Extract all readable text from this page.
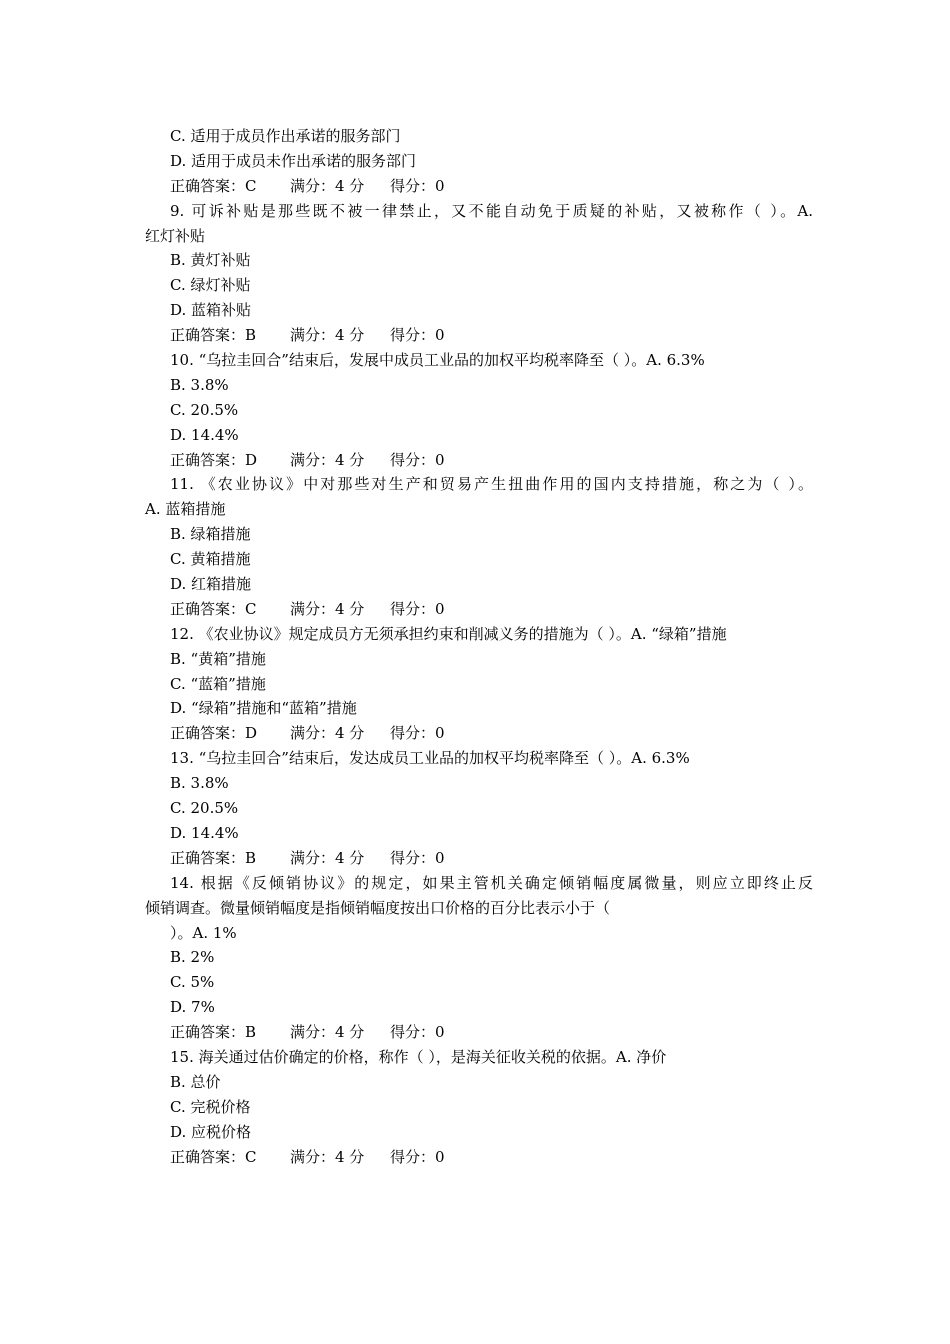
C. 适用于成员作出承诺的服务部门
D. 适用于成员未作出承诺的服务部门
正确答案：C 满分：4 分 得分：0
9. 可诉补贴是那些既不被一律禁止，又不能自动免于质疑的补贴，又被称作（ ）。A.
红灯补贴
B. 黄灯补贴
C. 绿灯补贴
D. 蓝箱补贴
正确答案：B 满分：4 分 得分：0
10. “乌拉圭回合”结束后，发展中成员工业品的加权平均税率降至（ ）。A. 6.3%
B. 3.8%
C. 20.5%
D. 14.4%
正确答案：D 满分：4 分 得分：0
11. 《农业协议》中对那些对生产和贸易产生扭曲作用的国内支持措施，称之为（ ）。
A. 蓝箱措施
B. 绿箱措施
C. 黄箱措施
D. 红箱措施
正确答案：C 满分：4 分 得分：0
12. 《农业协议》规定成员方无须承担约束和削减义务的措施为（ ）。A. “绿箱”措施
B. “黄箱”措施
C. “蓝箱”措施
D. “绿箱”措施和“蓝箱”措施
正确答案：D 满分：4 分 得分：0
13. “乌拉圭回合”结束后，发达成员工业品的加权平均税率降至（ ）。A. 6.3%
B. 3.8%
C. 20.5%
D. 14.4%
正确答案：B 满分：4 分 得分：0
14. 根据《反倾销协议》的规定，如果主管机关确定倾销幅度属微量，则应立即终止反
倾销调查。微量倾销幅度是指倾销幅度按出口价格的百分比表示小于（
）。A. 1%
B. 2%
C. 5%
D. 7%
正确答案：B 满分：4 分 得分：0
15. 海关通过估价确定的价格，称作（ ），是海关征收关税的依据。A. 净价
B. 总价
C. 完税价格
D. 应税价格
正确答案：C 满分：4 分 得分：0
